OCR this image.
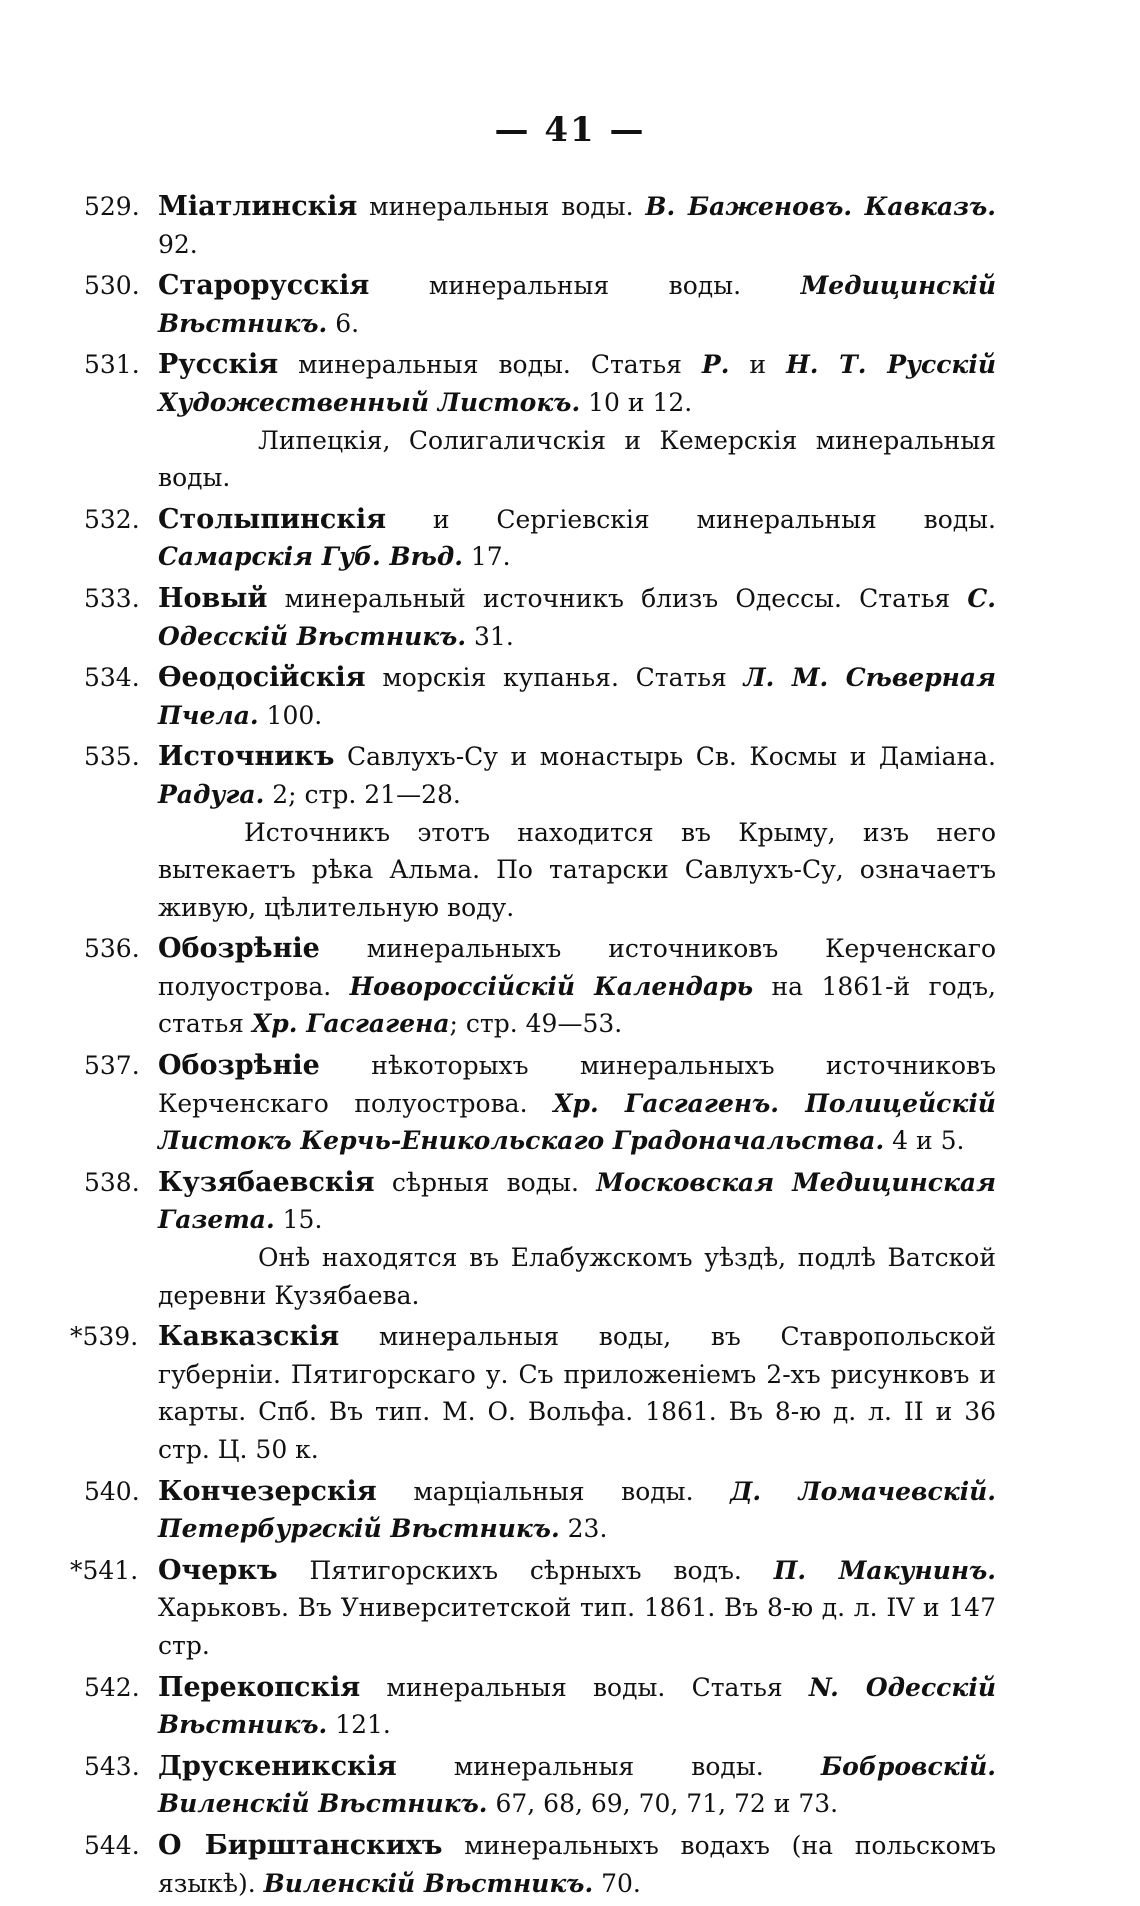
— 41 —
529. Міатлинскія минеральныя воды. В. Баженовъ. Кавказъ. 92.
530. Старорусскія минеральныя воды. Медицинскій Вѣстникъ. 6.
531. Русскія минеральныя воды. Статья Р. и Н. Т. Русскій Художественный Листокъ. 10 и 12.
Липецкія, Солигаличскія и Кемерскія минеральныя воды.
532. Столыпинскія и Сергіевскія минеральныя воды. Самарскія Губ. Вѣд. 17.
533. Новый минеральный источникъ близъ Одессы. Статья С. Одесскій Вѣстникъ. 31.
534. Ѳеодосійскія морскія купанья. Статья Л. М. Сѣверная Пчела. 100.
535. Источникъ Савлухъ-Су и монастырь Св. Космы и Даміана. Радуга. 2; стр. 21—28.
Источникъ этотъ находится въ Крыму, изъ него вытекаетъ рѣка Альма. По татарски Савлухъ-Су, означаетъ живую, цѣлительную воду.
536. Обозрѣніе минеральныхъ источниковъ Керченскаго полуострова. Новороссійскій Календарь на 1861-й годъ, статья Хр. Гасгагена; стр. 49—53.
537. Обозрѣніе нѣкоторыхъ минеральныхъ источниковъ Керченскаго полуострова. Хр. Гасгагенъ. Полицейскій Листокъ Керчь-Еникольскаго Градоначальства. 4 и 5.
538. Кузябаевскія сѣрныя воды. Московская Медицинская Газета. 15.
Онѣ находятся въ Елабужскомъ уѣздѣ, подлѣ Ватской деревни Кузябаева.
*539. Кавказскія минеральныя воды, въ Ставропольской губерніи. Пятигорскаго у. Съ приложеніемъ 2-хъ рисунковъ и карты. Спб. Въ тип. М. О. Вольфа. 1861. Въ 8-ю д. л. II и 36 стр. Ц. 50 к.
540. Кончезерскія марціальныя воды. Д. Ломачевскій. Петербургскій Вѣстникъ. 23.
*541. Очеркъ Пятигорскихъ сѣрныхъ водъ. П. Макунинъ. Харьковъ. Въ Университетской тип. 1861. Въ 8-ю д. л. IV и 147 стр.
542. Перекопскія минеральныя воды. Статья N. Одесскій Вѣстникъ. 121.
543. Друскеникскія минеральныя воды. Бобровскій. Виленскій Вѣстникъ. 67, 68, 69, 70, 71, 72 и 73.
544. О Бирштанскихъ минеральныхъ водахъ (на польскомъ языкѣ). Виленскій Вѣстникъ. 70.
